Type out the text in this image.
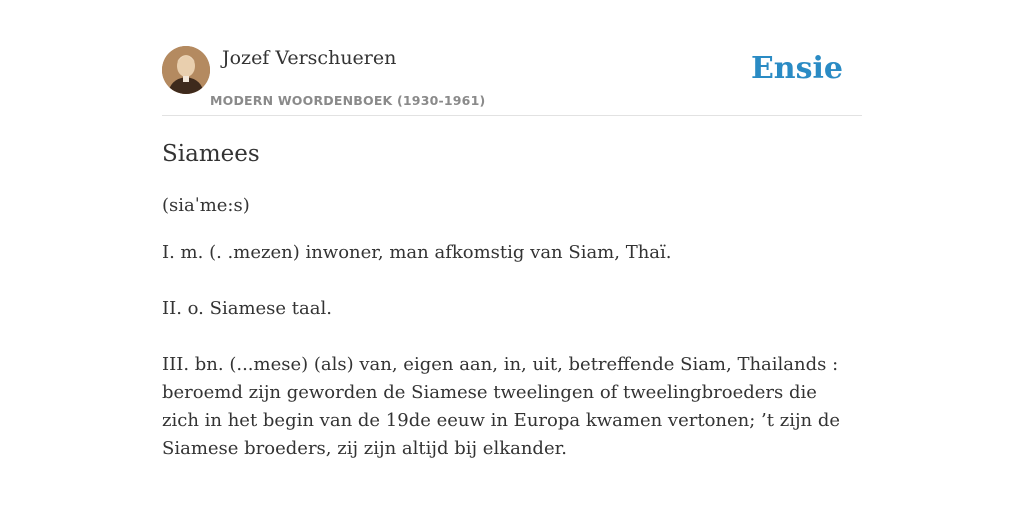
Jozef Verschueren
MODERN WOORDENBOEK (1930-1961)
Ensie
Siamees
(siaˈme:s)
I. m. (. .mezen) inwoner, man afkomstig van Siam, Thaï.
II. o. Siamese taal.
III. bn. (...mese) (als) van, eigen aan, in, uit, betreffende Siam, Thailands : beroemd zijn geworden de Siamese tweelingen of tweelingbroeders die zich in het begin van de 19de eeuw in Europa kwamen vertonen; ’t zijn de Siamese broeders, zij zijn altijd bij elkander.
